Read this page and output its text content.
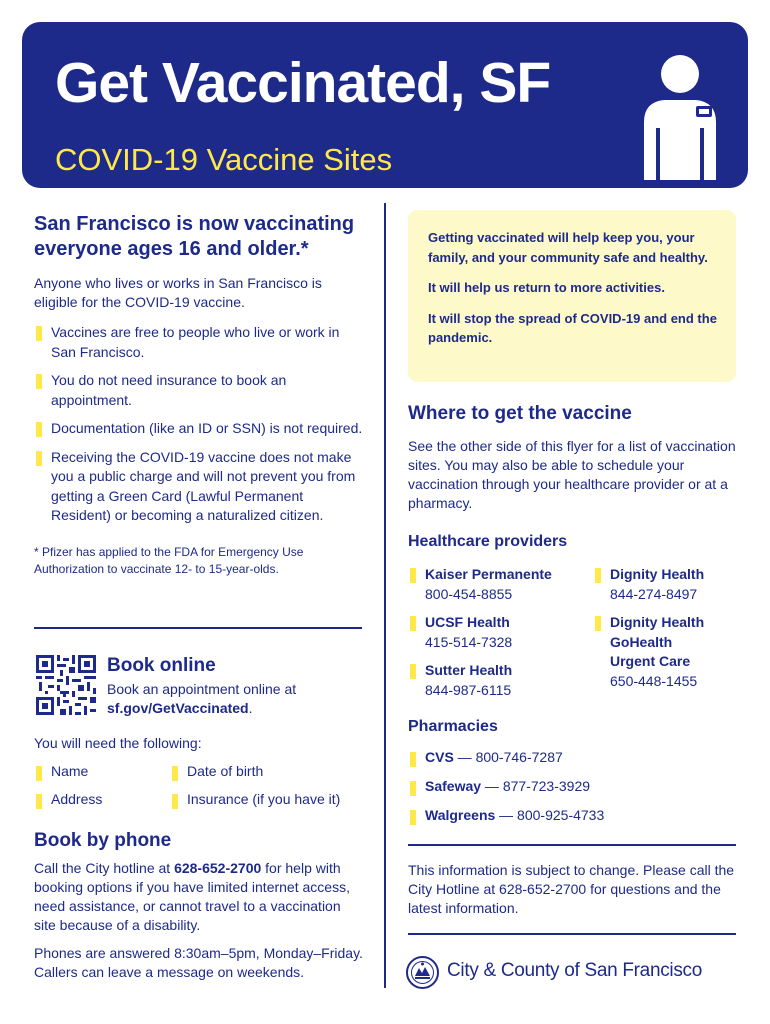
Get Vaccinated, SF
COVID-19 Vaccine Sites

San Francisco is now vaccinating everyone ages 16 and older.*

Anyone who lives or works in San Francisco is eligible for the COVID-19 vaccine.

Vaccines are free to people who live or work in San Francisco.

You do not need insurance to book an appointment.

Documentation (like an ID or SSN) is not required.

Receiving the COVID-19 vaccine does not make you a public charge and will not prevent you from getting a Green Card (Lawful Permanent Resident) or becoming a naturalized citizen.

* Pfizer has applied to the FDA for Emergency Use Authorization to vaccinate 12- to 15-year-olds.

Book online

Book an appointment online at

sf.gov/GetVaccinated.

You will need the following:

Name	Date of birth

Address	Insurance (if you have it)

Book by phone

Call the City hotline at 628-652-2700 for help with booking options if you have limited internet access, need assistance, or cannot travel to a vaccination site because of a disability.

Phones are answered 8:30am–5pm, Monday–Friday. Callers can leave a message on weekends.

Getting vaccinated will help keep you, your family, and your community safe and healthy.

It will help us return to more activities.

It will stop the spread of COVID-19 and end the pandemic.

Where to get the vaccine

See the other side of this flyer for a list of vaccination sites. You may also be able to schedule your vaccination through your healthcare provider or at a pharmacy.

Healthcare providers

Kaiser Permanente

800-454-8855

UCSF Health

415-514-7328

Sutter Health

844-987-6115

Dignity Health

844-274-8497

Dignity Health GoHealth Urgent Care

650-448-1455

Pharmacies

CVS — 800-746-7287

Safeway — 877-723-3929

Walgreens — 800-925-4733

This information is subject to change. Please call the City Hotline at 628-652-2700 for questions and the latest information.

City & County of San Francisco
